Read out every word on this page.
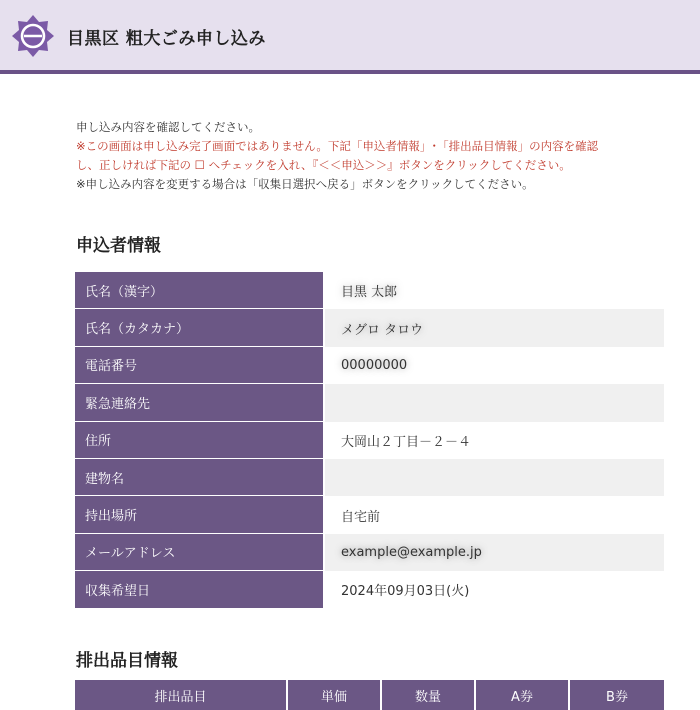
目黒区 粗大ごみ申し込み

申し込み内容を確認してください。

※この画面は申し込み完了画面ではありません。下記「申込者情報」･「排出品目情報」の内容を確認

し、正しければ下記の ☐ へチェックを入れ、『＜＜申込＞＞』ボタンをクリックしてください。

※申し込み内容を変更する場合は「収集日選択へ戻る」ボタンをクリックしてください。

申込者情報
氏名（漢字）	目黒 太郎
氏名（カタカナ）	メグロ タロウ
電話番号	00000000
緊急連絡先
住所	大岡山２丁目－２－４
建物名
持出場所	自宅前
メールアドレス	example@example.jp
収集希望日	2024年09月03日(火)
排出品目情報
排出品目	単価	数量	A券	B券
